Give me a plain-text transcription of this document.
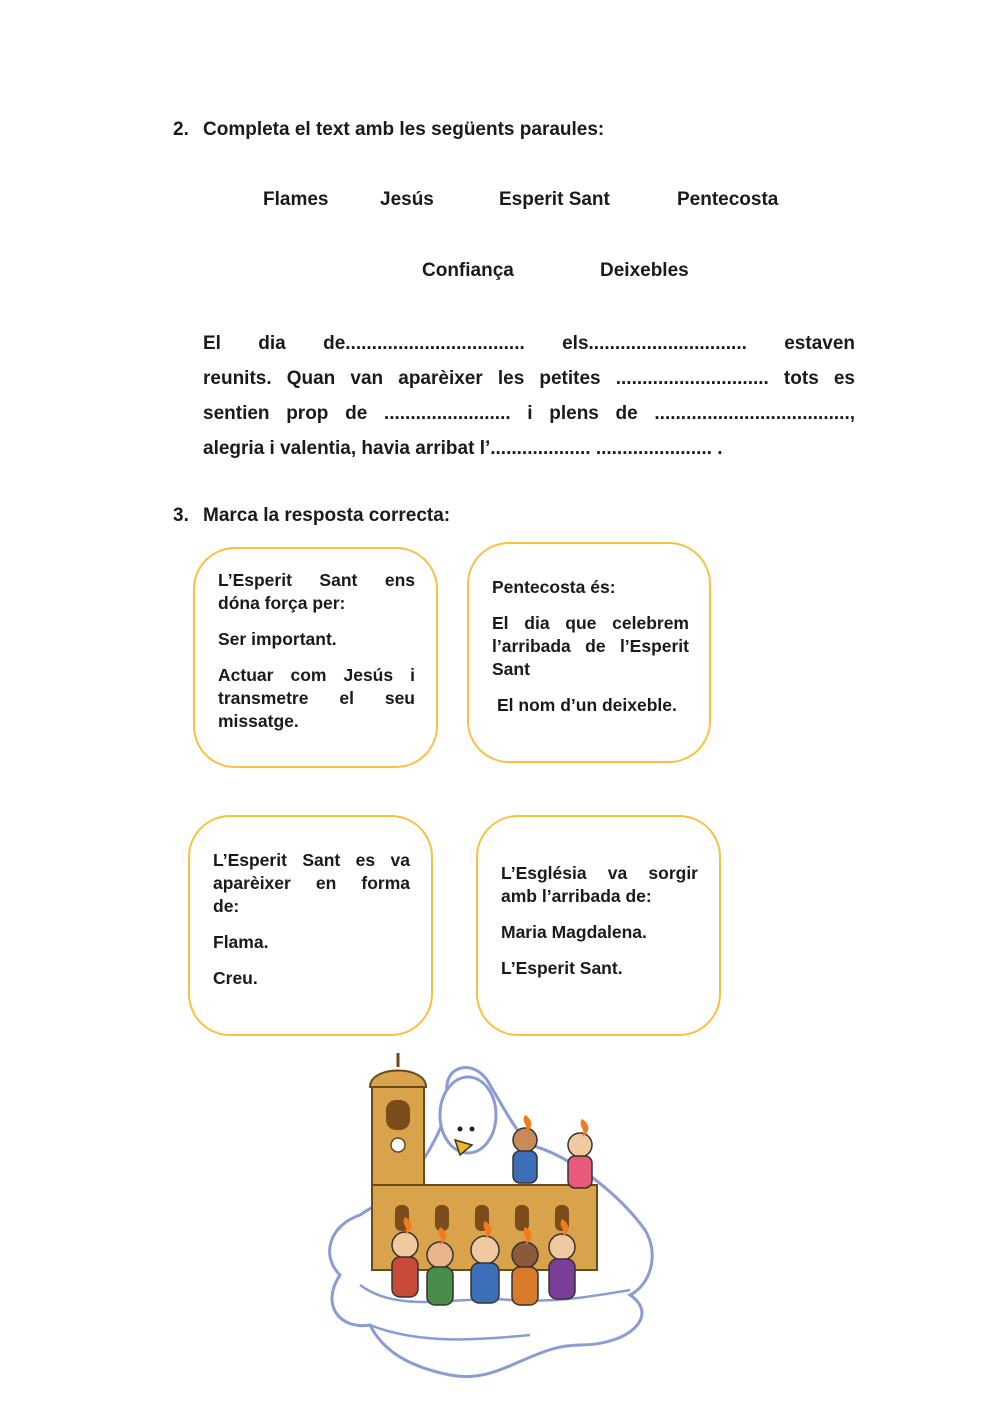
2. Completa el text amb les següents paraules:
Flames	Jesús	Esperit Sant	Pentecosta
Confiança	Deixebles
El dia de.................................. els.............................. estaven
reunits. Quan van aparèixer les petites ............................. tots es
sentien prop de ........................ i plens de .....................................,
alegria i valentia, havia arribat l’................... ...................... .
3. Marca la resposta correcta:

L’Esperit Sant ens
dóna força per:

Ser important.

Actuar com Jesús i
transmetre el seu
missatge.

Pentecosta és:

El dia que celebrem
l’arribada de l’Esperit
Sant

El nom d’un deixeble.

L’Esperit Sant es va
aparèixer en forma
de:

Flama.

Creu.

L’Església va sorgir
amb l’arribada de:

Maria Magdalena.

L’Esperit Sant.
